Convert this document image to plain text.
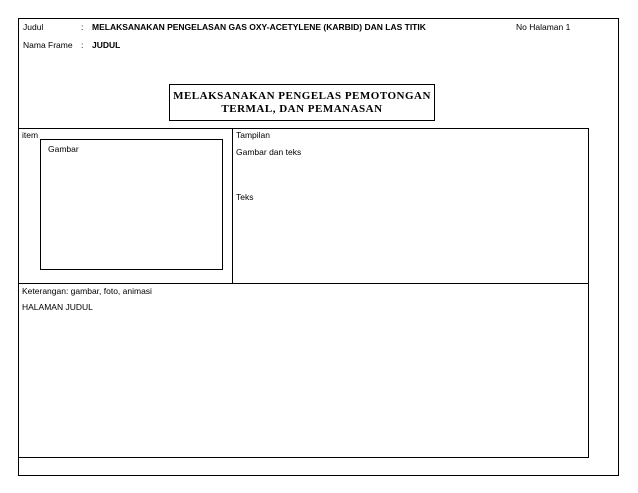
Judul	: MELAKSANAKAN PENGELASAN GAS OXY-ACETYLENE (KARBID) DAN LAS TITIK	No Halaman 1
Nama Frame : JUDUL
MELAKSANAKAN PENGELAS PEMOTONGAN
TERMAL, DAN PEMANASAN
item
Gambar
Tampilan
Gambar dan teks
Teks
Keterangan: gambar, foto, animasi
HALAMAN JUDUL
